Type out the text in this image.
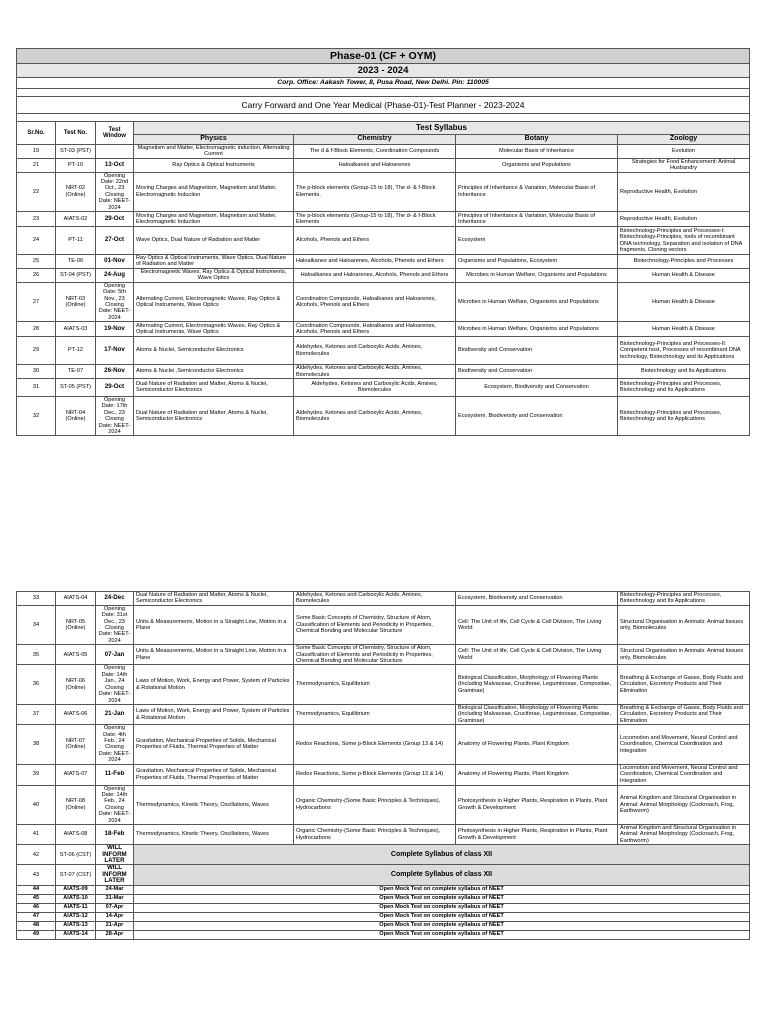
Phase-01 (CF + OYM)						
2023 - 2024						
Corp. Office: Aakash Tower, 8, Pusa Road, New Delhi. Pin: 110005						

Carry Forward and One Year Medical (Phase-01)-Test Planner - 2023-2024						

Sr.No.	Test No.	Test Window	Test Syllabus			
			Physics	Chemistry	Botany	Zoology
19	ST-03 (PST)		Magnetism and Matter, Electromagnetic induction, Alternating Current	The d & f-Block Elements, Coordination Compounds	Molecular Basis of Inheritance	Evolution
21	PT-10	13-Oct	Ray Optics & Optical Instruments	Haloalkanes and Haloarenes	Organisms and Populations	Strategies for Food Enhancement: Animal Husbandry
22	NRT-02 (Online)	Opening Date: 22nd Oct., 23 Closing Date: NEET-2024	Moving Charges and Magnetism, Magnetism and Matter, Electromagnetic Induction	The p-block elements (Group-15 to 18), The d- & f-Block Elements.	Principles of Inheritance & Variation, Molecular Basis of Inheritance	Reproductive Health, Evolution
23	AIATS-02	29-Oct	Moving Charges and Magnetism, Magnetism and Matter, Electromagnetic Induction	The p-block elements (Group-15 to 18), The d- & f-Block Elements	Principles of Inheritance & Variation, Molecular Basis of Inheritance	Reproductive Health, Evolution
24	PT-11	27-Oct	Wave Optics, Dual Nature of Radiation and Matter	Alcohols, Phenols and Ethers	Ecosystem	Biotechnology-Principles and Processes-I: Biotechnology-Principles, tools of recombinant DNA technology, Separation and isolation of DNA fragments, Cloning vectors
25	TE-06	01-Nov	Ray Optics & Optical Instruments, Wave Optics, Dual Nature of Radiation and Matter	Haloalkanes and Haloarenes, Alcohols, Phenols and Ethers	Organisms and Populations, Ecosystem	Biotechnology-Principles and Processes
26	ST-04 (PST)	24-Aug	Electromagnetic Waves, Ray Optics & Optical Instruments, Wave Optics	Haloalkanes and Haloarenes, Alcohols, Phenols and Ethers	Microbes in Human Welfare, Organisms and Populations	Human Health & Disease
27	NRT-03 (Online)	Opening Date: 5th Nov., 23 Closing Date: NEET-2024	Alternating Current, Electromagnetic Waves, Ray Optics & Optical Instruments, Wave Optics	Coordination Compounds, Haloalkanes and Haloarenes, Alcohols, Phenols and Ethers	Microbes in Human Welfare, Organisms and Populations	Human Health & Disease
28	AIATS-03	19-Nov	Alternating Current, Electromagnetic Waves, Ray Optics & Optical Instruments, Wave Optics	Coordination Compounds, Haloalkanes and Haloarenes, Alcohols, Phenols and Ethers	Microbes in Human Welfare, Organisms and Populations	Human Health & Disease
29	PT-12	17-Nov	Atoms & Nuclei, Semiconductor Electronics	Aldehydes, Ketones and Carboxylic Acids, Amines, Biomolecules	Biodiversity and Conservation	Biotechnology-Principles and Processes-II: Competent host, Processes of recombinant DNA technology, Biotechnology and its Applications
30	TE-07	26-Nov	Atoms & Nuclei ,Semiconductor Electronics	Aldehydes, Ketones and Carboxylic Acids, Amines, Biomolecules	Biodiversity and Conservation	Biotechnology and Its Applications
31	ST-05 (PST)	29-Oct	Dual Nature of Radiation and Matter, Atoms & Nuclei, Semiconductor Electronics	Aldehydes, Ketones and Carboxylic Acids, Amines, Biomolecules	Ecosystem, Biodiversity and Conservation	Biotechnology-Principles and Processes, Biotechnology and Its Applications
32	NRT-04 (Online)	Opening Date: 17th Dec., 23 Closing Date: NEET-2024	Dual Nature of Radiation and Matter, Atoms & Nuclei, Semiconductor Electronics	Aldehydes, Ketones and Carboxylic Acids, Amines, Biomolecules	Ecosystem, Biodiversity and Conservation	Biotechnology-Principles and Processes, Biotechnology and Its Applications
33	AIATS-04	24-Dec	Dual Nature of Radiation and Matter, Atoms & Nuclei, Semiconductor Electronics	Aldehydes, Ketones and Carboxylic Acids, Amines, Biomolecules	Ecosystem, Biodiversity and Conservation	Biotechnology-Principles and Processes, Biotechnology and Its Applications
34	NRT-05 (Online)	Opening Date: 31st Dec., 23 Closing Date: NEET-2024	Units & Measurements, Motion in a Straight Line, Motion in a Plane	Some Basic Concepts of Chemistry, Structure of Atom, Classification of Elements and Periodicity in Properties, Chemical Bonding and Molecular Structure	Cell: The Unit of life, Cell Cycle & Cell Division, The Living World	Structural Organisation in Animals: Animal tissues only, Biomolecules
35	AIATS-05	07-Jan	Units & Measurements, Motion in a Straight Line, Motion in a Plane	Some Basic Concepts of Chemistry, Structure of Atom, Classification of Elements and Periodicity in Properties, Chemical Bonding and Molecular Structure	Cell: The Unit of life, Cell Cycle & Cell Division, The Living World	Structural Organisation in Animals: Animal tissues only, Biomolecules
36	NRT-06 (Online)	Opening Date: 14th Jan., 24 Closing Date: NEET-2024	Laws of Motion, Work, Energy and Power, System of Particles & Rotational Motion	Thermodynamics, Equilibrium	Biological Classification, Morphology of Flowering Plants (Including Malvaceae, Cruciferae, Leguminosae, Compositae, Graminae)	Breathing & Exchange of Gases, Body Fluids and Circulation, Excretory Products and Their Elimination
37	AIATS-06	21-Jan	Laws of Motion, Work, Energy and Power, System of Particles & Rotational Motion	Thermodynamics, Equilibrium	Biological Classification, Morphology of Flowering Plants (Including Malvaceae, Cruciferae, Leguminosae, Compositae, Graminae)	Breathing & Exchange of Gases, Body Fluids and Circulation, Excretory Products and Their Elimination
38	NRT-07 (Online)	Opening Date: 4th Feb., 24 Closing Date: NEET-2024	Gravitation, Mechanical Properties of Solids, Mechanical Properties of Fluids, Thermal Properties of Matter	Redox Reactions, Some p-Block Elements (Group 13 & 14)	Anatomy of Flowering Plants, Plant Kingdom	Locomotion and Movement, Neural Control and Coordination, Chemical Coordination and Integration
39	AIATS-07	11-Feb	Gravitation, Mechanical Properties of Solids, Mechanical Properties of Fluids, Thermal Properties of Matter	Redox Reactions, Some p-Block Elements (Group 13 & 14)	Anatomy of Flowering Plants, Plant Kingdom	Locomotion and Movement, Neural Control and Coordination, Chemical Coordination and Integration
40	NRT-08 (Online)	Opening Date: 14th Feb., 24 Closing Date: NEET-2024	Thermodynamics, Kinetic Theory, Oscillations, Waves	Organic Chemistry-(Some Basic Principles & Techniques), Hydrocarbons	Photosynthesis in Higher Plants, Respiration in Plants, Plant Growth & Development	Animal Kingdom and Structural Organisation in Animal: Animal Morphology (Cockroach, Frog, Earthworm)
41	AIATS-08	18-Feb	Thermodynamics, Kinetic Theory, Oscillations, Waves	Organic Chemistry-(Some Basic Principles & Techniques), Hydrocarbons	Photosynthesis in Higher Plants, Respiration in Plants, Plant Growth & Development	Animal Kingdom and Structural Organisation in Animal: Animal Morphology (Cockroach, Frog, Earthworm)
42	ST-06 (CST)	WILL INFORM LATER	Complete Syllabus of class XII			
43	ST-07 (CST)	WILL INFORM LATER	Complete Syllabus of class XII			
44	AIATS-09	24-Mar	Open Mock Test on complete syllabus of NEET			
45	AIATS-10	31-Mar	Open Mock Test on complete syllabus of NEET			
46	AIATS-11	07-Apr	Open Mock Test on complete syllabus of NEET			
47	AIATS-12	14-Apr	Open Mock Test on complete syllabus of NEET			
48	AIATS-13	21-Apr	Open Mock Test on complete syllabus of NEET			
49	AIATS-14	28-Apr	Open Mock Test on complete syllabus of NEET			
